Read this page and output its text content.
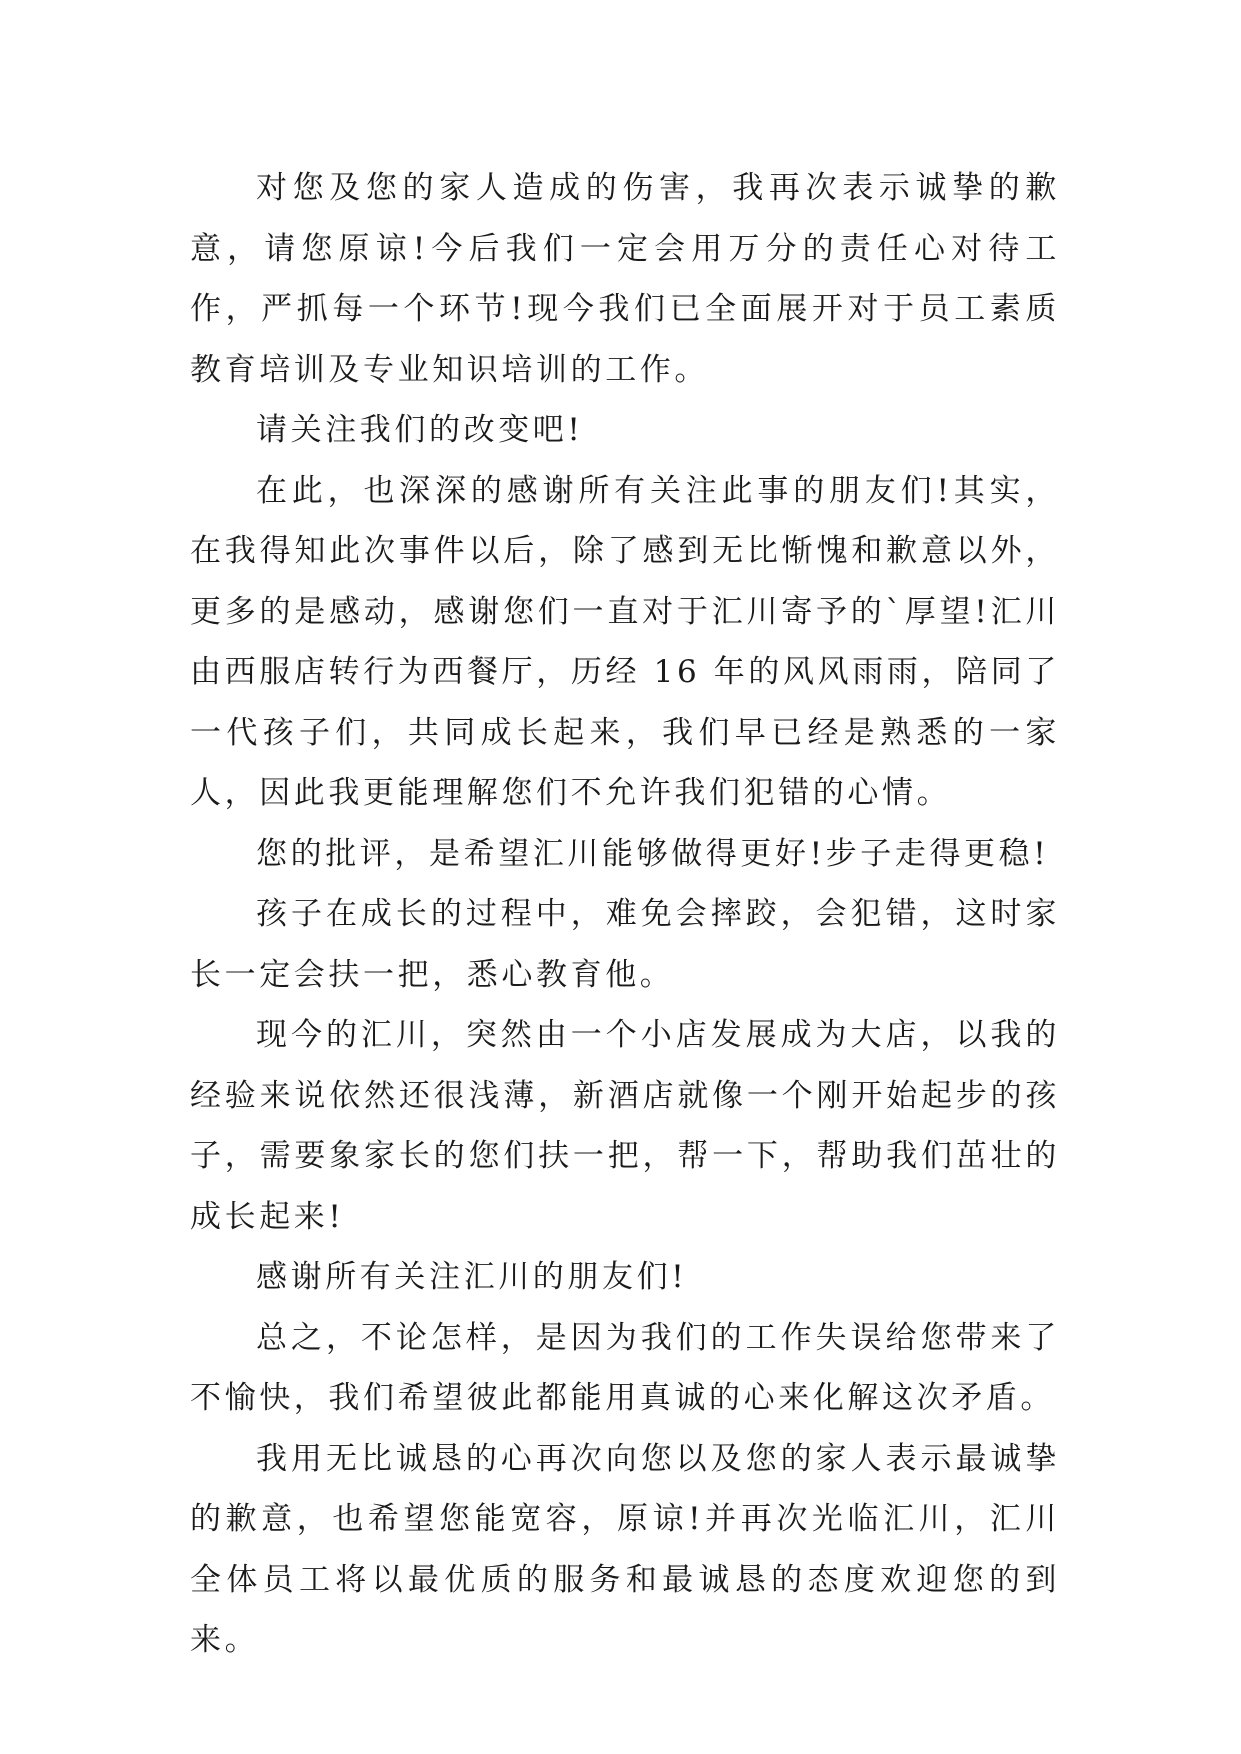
对您及您的家人造成的伤害，我再次表示诚挚的歉意，请您原谅!今后我们一定会用万分的责任心对待工作，严抓每一个环节!现今我们已全面展开对于员工素质教育培训及专业知识培训的工作。

请关注我们的改变吧!

在此，也深深的感谢所有关注此事的朋友们!其实，在我得知此次事件以后，除了感到无比惭愧和歉意以外，更多的是感动，感谢您们一直对于汇川寄予的`厚望!汇川由西服店转行为西餐厅，历经 16 年的风风雨雨，陪同了一代孩子们，共同成长起来，我们早已经是熟悉的一家人，因此我更能理解您们不允许我们犯错的心情。

您的批评，是希望汇川能够做得更好!步子走得更稳!

孩子在成长的过程中，难免会摔跤，会犯错，这时家长一定会扶一把，悉心教育他。

现今的汇川，突然由一个小店发展成为大店，以我的经验来说依然还很浅薄，新酒店就像一个刚开始起步的孩子，需要象家长的您们扶一把，帮一下，帮助我们茁壮的成长起来!

感谢所有关注汇川的朋友们!

总之，不论怎样，是因为我们的工作失误给您带来了不愉快，我们希望彼此都能用真诚的心来化解这次矛盾。

我用无比诚恳的心再次向您以及您的家人表示最诚挚的歉意，也希望您能宽容，原谅!并再次光临汇川，汇川全体员工将以最优质的服务和最诚恳的态度欢迎您的到来。
